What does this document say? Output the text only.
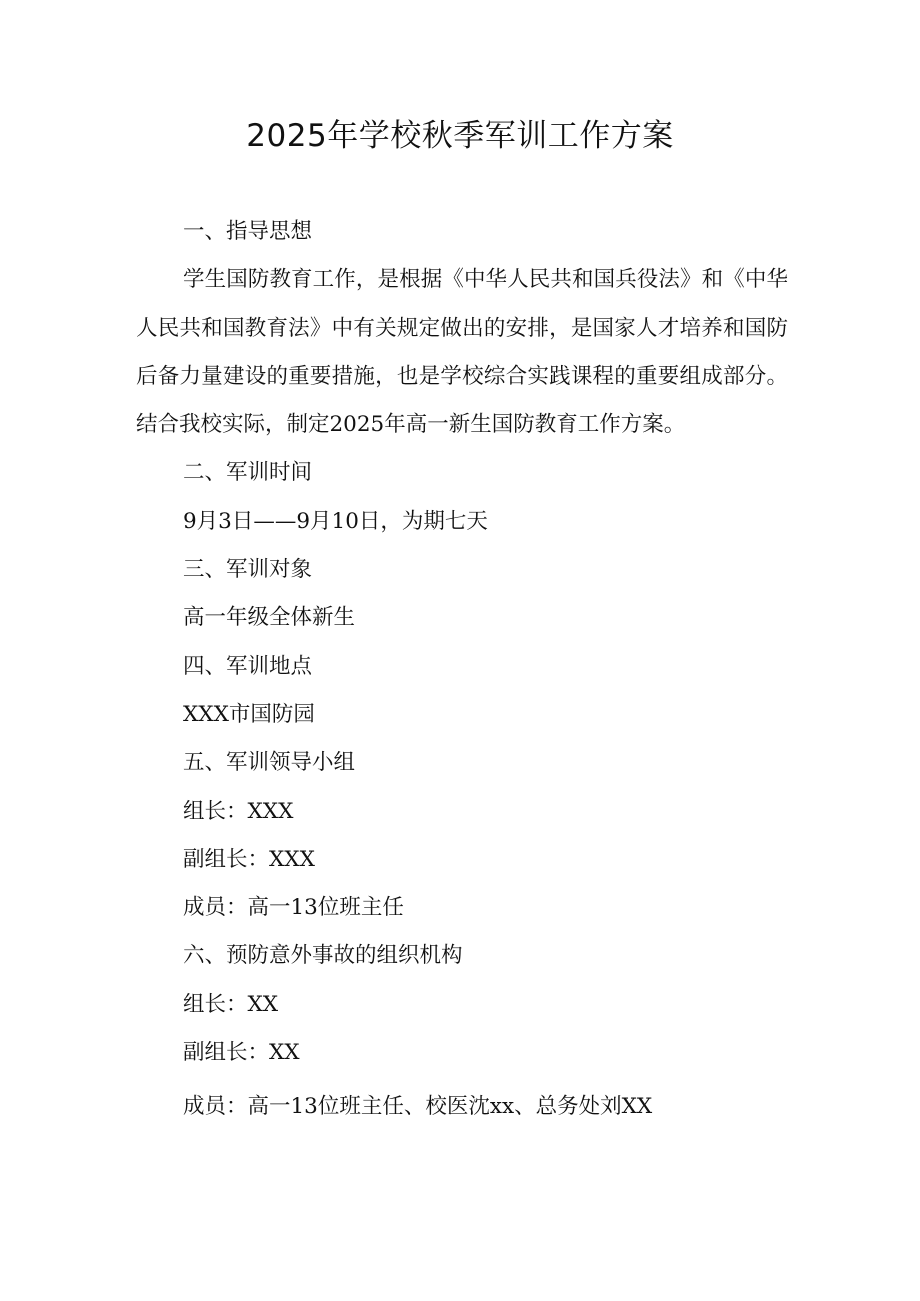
2025年学校秋季军训工作方案

一、指导思想

学生国防教育工作，是根据《中华人民共和国兵役法》和《中华人民共和国教育法》中有关规定做出的安排，是国家人才培养和国防后备力量建设的重要措施，也是学校综合实践课程的重要组成部分。结合我校实际，制定2025年高一新生国防教育工作方案。

二、军训时间

9月3日——9月10日，为期七天

三、军训对象

高一年级全体新生

四、军训地点

XXX市国防园

五、军训领导小组

组长：XXX

副组长：XXX

成员：高一13位班主任

六、预防意外事故的组织机构

组长：XX

副组长：XX

成员：高一13位班主任、校医沈xx、总务处刘XX
